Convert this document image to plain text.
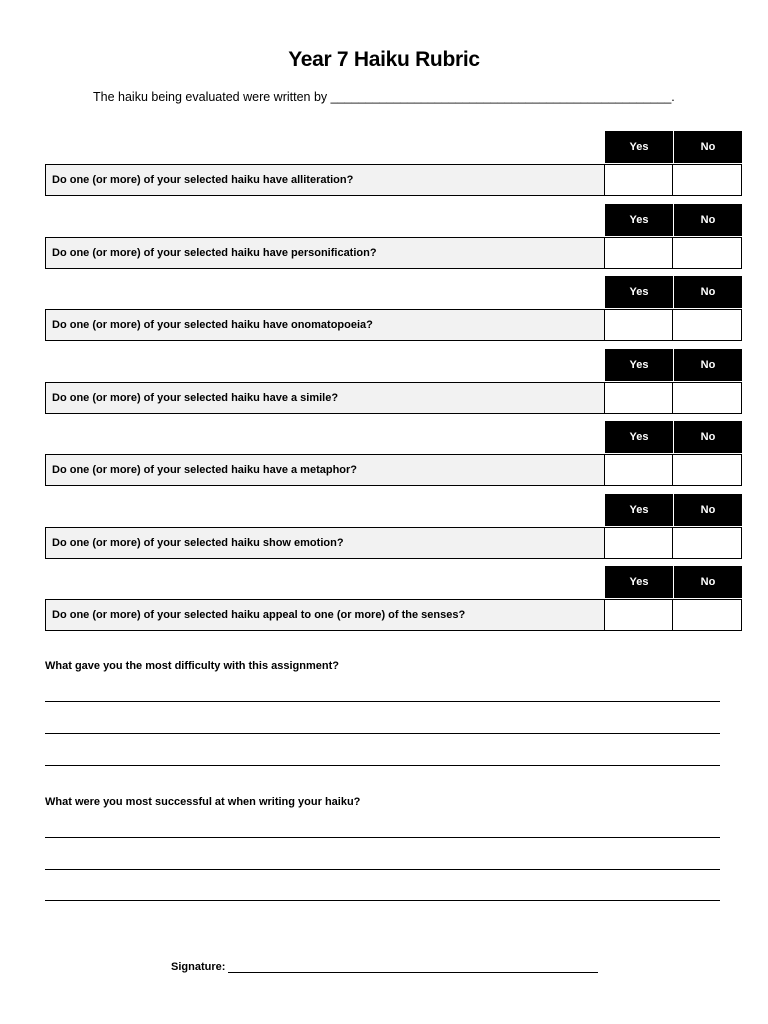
Year 7 Haiku Rubric
The haiku being evaluated were written by _________________________________________________.
Yes	No
Do one (or more) of your selected haiku have alliteration?
Yes	No
Do one (or more) of your selected haiku have personification?
Yes	No
Do one (or more) of your selected haiku have onomatopoeia?
Yes	No
Do one (or more) of your selected haiku have a simile?
Yes	No
Do one (or more) of your selected haiku have a metaphor?
Yes	No
Do one (or more) of your selected haiku show emotion?
Yes	No
Do one (or more) of your selected haiku appeal to one (or more) of the senses?
What gave you the most difficulty with this assignment?
What were you most successful at when writing your haiku?
Signature:
